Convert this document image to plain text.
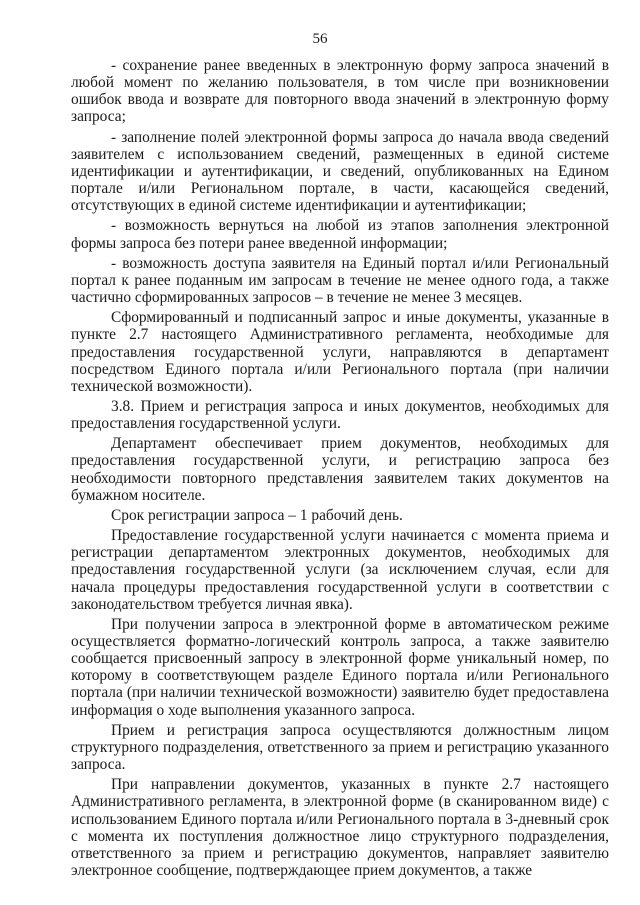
56

- сохранение ранее введенных в электронную форму запроса значений в любой момент по желанию пользователя, в том числе при возникновении ошибок ввода и возврате для повторного ввода значений в электронную форму запроса;

- заполнение полей электронной формы запроса до начала ввода сведений заявителем с использованием сведений, размещенных в единой системе идентификации и аутентификации, и сведений, опубликованных на Едином портале и/или Региональном портале, в части, касающейся сведений, отсутствующих в единой системе идентификации и аутентификации;

- возможность вернуться на любой из этапов заполнения электронной формы запроса без потери ранее введенной информации;

- возможность доступа заявителя на Единый портал и/или Региональный портал к ранее поданным им запросам в течение не менее одного года, а также частично сформированных запросов – в течение не менее 3 месяцев.

Сформированный и подписанный запрос и иные документы, указанные в пункте 2.7 настоящего Административного регламента, необходимые для предоставления государственной услуги, направляются в департамент посредством Единого портала и/или Регионального портала (при наличии технической возможности).

3.8. Прием и регистрация запроса и иных документов, необходимых для предоставления государственной услуги.

Департамент обеспечивает прием документов, необходимых для предоставления государственной услуги, и регистрацию запроса без необходимости повторного представления заявителем таких документов на бумажном носителе.

Срок регистрации запроса – 1 рабочий день.

Предоставление государственной услуги начинается с момента приема и регистрации департаментом электронных документов, необходимых для предоставления государственной услуги (за исключением случая, если для начала процедуры предоставления государственной услуги в соответствии с законодательством требуется личная явка).

При получении запроса в электронной форме в автоматическом режиме осуществляется форматно-логический контроль запроса, а также заявителю сообщается присвоенный запросу в электронной форме уникальный номер, по которому в соответствующем разделе Единого портала и/или Регионального портала (при наличии технической возможности) заявителю будет предоставлена информация о ходе выполнения указанного запроса.

Прием и регистрация запроса осуществляются должностным лицом структурного подразделения, ответственного за прием и регистрацию указанного запроса.

При направлении документов, указанных в пункте 2.7 настоящего Административного регламента, в электронной форме (в сканированном виде) с использованием Единого портала и/или Регионального портала в 3-дневный срок с момента их поступления должностное лицо структурного подразделения, ответственного за прием и регистрацию документов, направляет заявителю электронное сообщение, подтверждающее прием документов, а также
